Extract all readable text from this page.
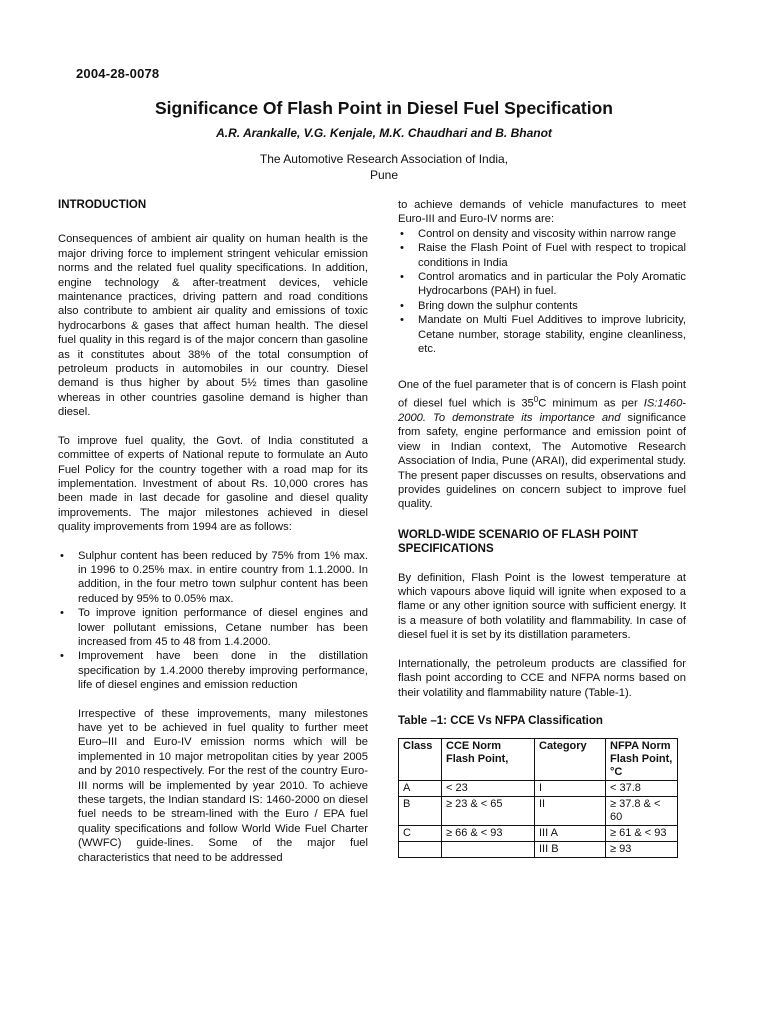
2004-28-0078
Significance Of Flash Point in Diesel Fuel Specification
A.R. Arankalle, V.G. Kenjale, M.K. Chaudhari and B. Bhanot
The Automotive Research Association of India,
Pune
INTRODUCTION

Consequences of ambient air quality on human health is the major driving force to implement stringent vehicular emission norms and the related fuel quality specifications. In addition, engine technology & after-treatment devices, vehicle maintenance practices, driving pattern and road conditions also contribute to ambient air quality and emissions of toxic hydrocarbons & gases that affect human health. The diesel fuel quality in this regard is of the major concern than gasoline as it constitutes about 38% of the total consumption of petroleum products in automobiles in our country. Diesel demand is thus higher by about 5½ times than gasoline whereas in other countries gasoline demand is higher than diesel.

To improve fuel quality, the Govt. of India constituted a committee of experts of National repute to formulate an Auto Fuel Policy for the country together with a road map for its implementation. Investment of about Rs. 10,000 crores has been made in last decade for gasoline and diesel quality improvements. The major milestones achieved in diesel quality improvements from 1994 are as follows:

• Sulphur content has been reduced by 75% from 1% max. in 1996 to 0.25% max. in entire country from 1.1.2000. In addition, in the four metro town sulphur content has been reduced by 95% to 0.05% max.
• To improve ignition performance of diesel engines and lower pollutant emissions, Cetane number has been increased from 45 to 48 from 1.4.2000.
• Improvement have been done in the distillation specification by 1.4.2000 thereby improving performance, life of diesel engines and emission reduction

Irrespective of these improvements, many milestones have yet to be achieved in fuel quality to further meet Euro–III and Euro-IV emission norms which will be implemented in 10 major metropolitan cities by year 2005 and by 2010 respectively. For the rest of the country Euro-III norms will be implemented by year 2010. To achieve these targets, the Indian standard IS: 1460-2000 on diesel fuel needs to be stream-lined with the Euro / EPA fuel quality specifications and follow World Wide Fuel Charter (WWFC) guide-lines. Some of the major fuel characteristics that need to be addressed

to achieve demands of vehicle manufactures to meet Euro-III and Euro-IV norms are:

• Control on density and viscosity within narrow range
• Raise the Flash Point of Fuel with respect to tropical conditions in India
• Control aromatics and in particular the Poly Aromatic Hydrocarbons (PAH) in fuel.
• Bring down the sulphur contents
• Mandate on Multi Fuel Additives to improve lubricity, Cetane number, storage stability, engine cleanliness, etc.

One of the fuel parameter that is of concern is Flash point of diesel fuel which is $35^0C$ minimum as per IS:1460-2000. To demonstrate its importance and significance from safety, engine performance and emission point of view in Indian context, The Automotive Research Association of India, Pune (ARAI), did experimental study. The present paper discusses on results, observations and provides guidelines on concern subject to improve fuel quality.

WORLD-WIDE SCENARIO OF FLASH POINT SPECIFICATIONS

By definition, Flash Point is the lowest temperature at which vapours above liquid will ignite when exposed to a flame or any other ignition source with sufficient energy. It is a measure of both volatility and flammability. In case of diesel fuel it is set by its distillation parameters.

Internationally, the petroleum products are classified for flash point according to CCE and NFPA norms based on their volatility and flammability nature (Table-1).

Table –1: CCE Vs NFPA Classification
Class	CCE Norm Flash Point,	Category	NFPA Norm Flash Point, °C
A	< 23	I	< 37.8
B	≥ 23 & < 65	II	≥ 37.8 & < 60
C	≥ 66 & < 93	III A	≥ 61 & < 93
		III B	≥ 93
